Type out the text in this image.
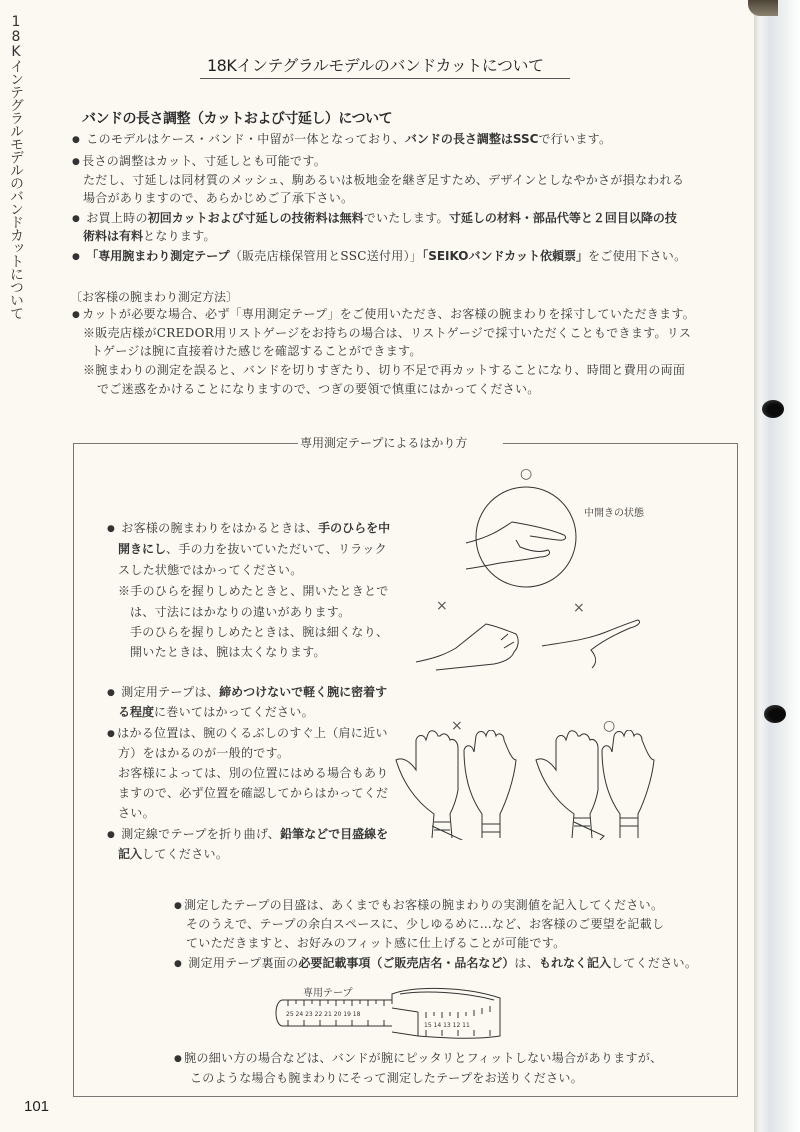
18Kインテグラルモデルのバンドカットについて
101
18Kインテグラルモデルのバンドカットについて
バンドの長さ調整（カットおよび寸延し）について
● このモデルはケース・バンド・中留が一体となっており、バンドの長さ調整はSSCで行います。
● 長さの調整はカット、寸延しとも可能です。
ただし、寸延しは同材質のメッシュ、駒あるいは板地金を継ぎ足すため、デザインとしなやかさが損なわれる
場合がありますので、あらかじめご了承下さい。
● お買上時の初回カットおよび寸延しの技術料は無料でいたします。寸延しの材料・部品代等と２回目以降の技
術料は有料となります。
● 「専用腕まわり測定テープ（販売店様保管用とSSC送付用）」「SEIKOバンドカット依頼票」をご使用下さい。
〔お客様の腕まわり測定方法〕
● カットが必要な場合、必ず「専用測定テープ」をご使用いただき、お客様の腕まわりを採寸していただきます。
※販売店様がCREDOR用リストゲージをお持ちの場合は、リストゲージで採寸いただくこともできます。リス
トゲージは腕に直接着けた感じを確認することができます。
※腕まわりの測定を誤ると、バンドを切りすぎたり、切り不足で再カットすることになり、時間と費用の両面
でご迷惑をかけることになりますので、つぎの要領で慎重にはかってください。
専用測定テープによるはかり方
● お客様の腕まわりをはかるときは、手のひらを中
開きにし、手の力を抜いていただいて、リラック
スした状態ではかってください。
※手のひらを握りしめたときと、開いたときとで
は、寸法にはかなりの違いがあります。
手のひらを握りしめたときは、腕は細くなり、
開いたときは、腕は太くなります。
● 測定用テープは、締めつけないで軽く腕に密着す
る程度に巻いてはかってください。
● はかる位置は、腕のくるぶしのすぐ上（肩に近い
方）をはかるのが一般的です。
お客様によっては、別の位置にはめる場合もあり
ますので、必ず位置を確認してからはかってくだ
さい。
● 測定線でテープを折り曲げ、鉛筆などで目盛線を
記入してください。
○
中開きの状態
×	×
×	○
● 測定したテープの目盛は、あくまでもお客様の腕まわりの実測値を記入してください。
そのうえで、テープの余白スペースに、少しゆるめに…など、お客様のご要望を記載し
ていただきますと、お好みのフィット感に仕上げることが可能です。
● 測定用テープ裏面の必要記載事項（ご販売店名・品名など）は、もれなく記入してください。
専用テープ
25 24 23 22 21 20 19 18
15 14 13 12 11
● 腕の細い方の場合などは、バンドが腕にピッタリとフィットしない場合がありますが、
このような場合も腕まわりにそって測定したテープをお送りください。
